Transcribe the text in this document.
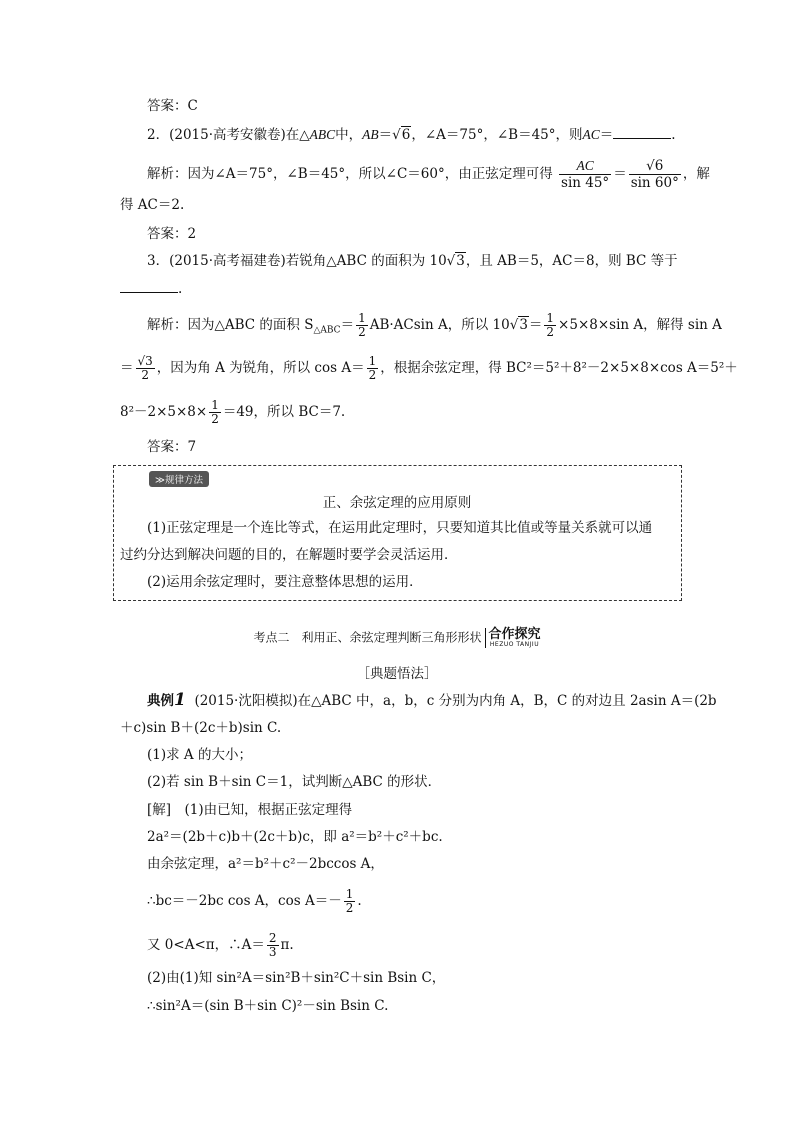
答案：C
2．(2015·高考安徽卷)在△ABC中，AB＝√6，∠A＝75°，∠B＝45°，则AC＝	.
解析：因为∠A＝75°，∠B＝45°，所以∠C＝60°，由正弦定理可得 $\frac{AC}{\sin 45^\circ} = \frac{√6}{\sin 60^\circ}$ ，解
得 AC＝2.
答案：2
3．(2015·高考福建卷)若锐角△ABC 的面积为 10√3，且 AB＝5，AC＝8，则 BC 等于
.
解析：因为△ABC 的面积 $S_{\triangle ABC}= \frac{1}{2} AB\cdot ACsin$ A，所以 $10√3= \frac{1}{2} \times 5\times 8\times\sin$ A，解得 sin A
＝ $\frac{√3}{2}$ ，因为角 A 为锐角，所以 $\cos A= \frac{1}{2}$ ，根据余弦定理，得 BC²＝5²＋8²－2×5×8×cos A＝5²＋
$8^2-2\times 5\times 8\times \frac{1}{2} =49$，所以 BC＝7.
答案：7
≫规律方法
正、余弦定理的应用原则
(1)正弦定理是一个连比等式，在运用此定理时，只要知道其比值或等量关系就可以通
过约分达到解决问题的目的，在解题时要学会灵活运用．
(2)运用余弦定理时，要注意整体思想的运用．
考点二　利用正、余弦定理判断三角形形状 合作探究
HEZUO TANJIU
［典题悟法］
典例1 (2015·沈阳模拟)在△ABC 中，a，b，c 分别为内角 A，B，C 的对边且 2asin A＝(2b
＋c)sin B＋(2c＋b)sin C.
(1)求 A 的大小；
(2)若 sin B＋sin C＝1，试判断△ABC 的形状．
[解]　(1)由已知，根据正弦定理得
2a²＝(2b＋c)b＋(2c＋b)c，即 a²＝b²＋c²＋bc.
由余弦定理，a²＝b²＋c²－2bccos A，
∴bc＝－2bc cos A，$\cos A=- \frac{1}{2}$ .
又 0<A<π，∴A＝ $\frac{2}{3} \pi$.
(2)由(1)知 sin²A＝sin²B＋sin²C＋sin Bsin C，
∴sin²A＝(sin B＋sin C)²－sin Bsin C.
